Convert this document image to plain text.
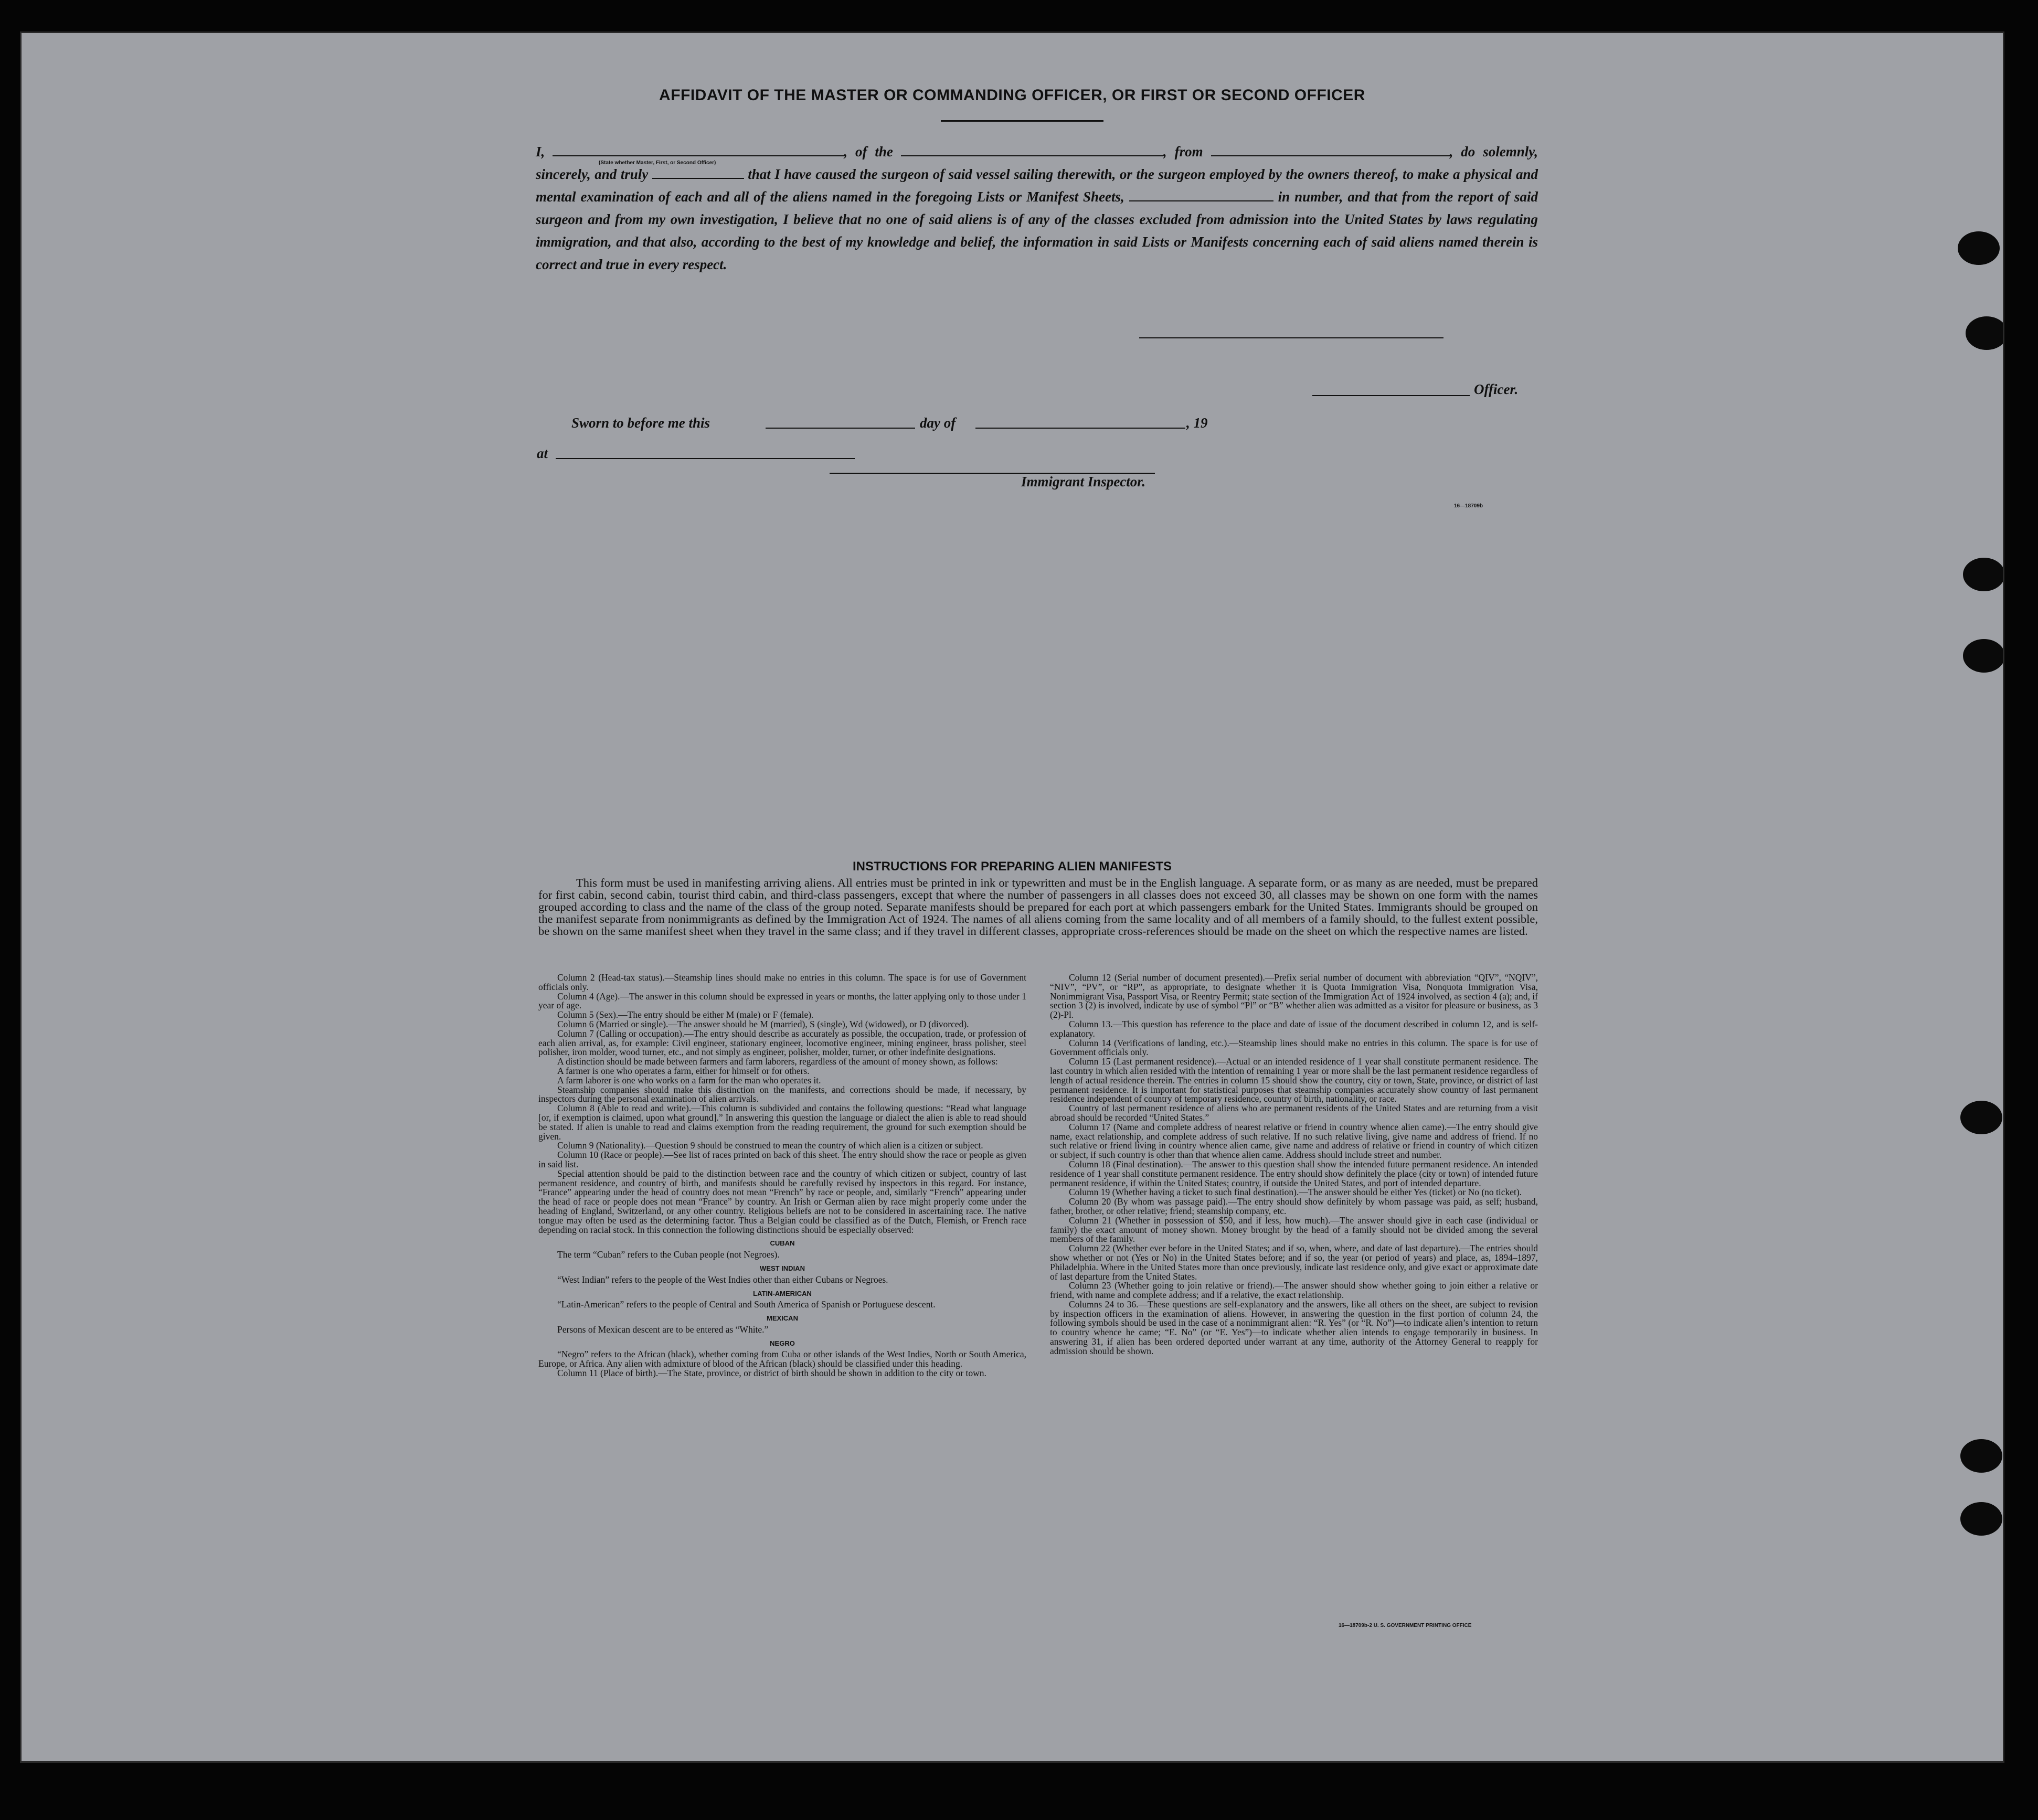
AFFIDAVIT OF THE MASTER OR COMMANDING OFFICER, OR FIRST OR SECOND OFFICER
I,	, of the	, from	, do solemnly, sincerely, and truly	that I have caused the surgeon of said vessel sailing therewith, or the surgeon employed by the owners thereof, to make a physical and mental examination of each and all of the aliens named in the foregoing Lists or Manifest Sheets,	in number, and that from the report of said surgeon and from my own investigation, I believe that no one of said aliens is of any of the classes excluded from admission into the United States by laws regulating immigration, and that also, according to the best of my knowledge and belief, the information in said Lists or Manifests concerning each of said aliens named therein is correct and true in every respect.
(State whether Master, First, or Second Officer)
Officer.
Sworn to before me this	day of	, 19
at
Immigrant Inspector.
16—18709b
INSTRUCTIONS FOR PREPARING ALIEN MANIFESTS
This form must be used in manifesting arriving aliens. All entries must be printed in ink or typewritten and must be in the English language. A separate form, or as many as are needed, must be prepared for first cabin, second cabin, tourist third cabin, and third-class passengers, except that where the number of passengers in all classes does not exceed 30, all classes may be shown on one form with the names grouped according to class and the name of the class of the group noted. Separate manifests should be prepared for each port at which passengers embark for the United States. Immigrants should be grouped on the manifest separate from nonimmigrants as defined by the Immigration Act of 1924. The names of all aliens coming from the same locality and of all members of a family should, to the fullest extent possible, be shown on the same manifest sheet when they travel in the same class; and if they travel in different classes, appropriate cross-references should be made on the sheet on which the respective names are listed.

Column 2 (Head-tax status).—Steamship lines should make no entries in this column. The space is for use of Government officials only.

Column 4 (Age).—The answer in this column should be expressed in years or months, the latter applying only to those under 1 year of age.

Column 5 (Sex).—The entry should be either M (male) or F (female).

Column 6 (Married or single).—The answer should be M (married), S (single), Wd (widowed), or D (divorced).

Column 7 (Calling or occupation).—The entry should describe as accurately as possible, the occupation, trade, or profession of each alien arrival, as, for example: Civil engineer, stationary engineer, locomotive engineer, mining engineer, brass polisher, steel polisher, iron molder, wood turner, etc., and not simply as engineer, polisher, molder, turner, or other indefinite designations.

A distinction should be made between farmers and farm laborers, regardless of the amount of money shown, as follows:

A farmer is one who operates a farm, either for himself or for others.

A farm laborer is one who works on a farm for the man who operates it.

Steamship companies should make this distinction on the manifests, and corrections should be made, if necessary, by inspectors during the personal examination of alien arrivals.

Column 8 (Able to read and write).—This column is subdivided and contains the following questions: “Read what language [or, if exemption is claimed, upon what ground].” In answering this question the language or dialect the alien is able to read should be stated. If alien is unable to read and claims exemption from the reading requirement, the ground for such exemption should be given.

Column 9 (Nationality).—Question 9 should be construed to mean the country of which alien is a citizen or subject.

Column 10 (Race or people).—See list of races printed on back of this sheet. The entry should show the race or people as given in said list.

Special attention should be paid to the distinction between race and the country of which citizen or subject, country of last permanent residence, and country of birth, and manifests should be carefully revised by inspectors in this regard. For instance, “France” appearing under the head of country does not mean “French” by race or people, and, similarly “French” appearing under the head of race or people does not mean “France” by country. An Irish or German alien by race might properly come under the heading of England, Switzerland, or any other country. Religious beliefs are not to be considered in ascertaining race. The native tongue may often be used as the determining factor. Thus a Belgian could be classified as of the Dutch, Flemish, or French race depending on racial stock. In this connection the following distinctions should be especially observed:

CUBAN

The term “Cuban” refers to the Cuban people (not Negroes).

WEST INDIAN

“West Indian” refers to the people of the West Indies other than either Cubans or Negroes.

LATIN-AMERICAN

“Latin-American” refers to the people of Central and South America of Spanish or Portuguese descent.

MEXICAN

Persons of Mexican descent are to be entered as “White.”

NEGRO

“Negro” refers to the African (black), whether coming from Cuba or other islands of the West Indies, North or South America, Europe, or Africa. Any alien with admixture of blood of the African (black) should be classified under this heading.

Column 11 (Place of birth).—The State, province, or district of birth should be shown in addition to the city or town.

Column 12 (Serial number of document presented).—Prefix serial number of document with abbreviation “QIV”, “NQIV”, “NIV”, “PV”, or “RP”, as appropriate, to designate whether it is Quota Immigration Visa, Nonquota Immigration Visa, Nonimmigrant Visa, Passport Visa, or Reentry Permit; state section of the Immigration Act of 1924 involved, as section 4 (a); and, if section 3 (2) is involved, indicate by use of symbol “Pl” or “B” whether alien was admitted as a visitor for pleasure or business, as 3 (2)-Pl.

Column 13.—This question has reference to the place and date of issue of the document described in column 12, and is self-explanatory.

Column 14 (Verifications of landing, etc.).—Steamship lines should make no entries in this column. The space is for use of Government officials only.

Column 15 (Last permanent residence).—Actual or an intended residence of 1 year shall constitute permanent residence. The last country in which alien resided with the intention of remaining 1 year or more shall be the last permanent residence regardless of length of actual residence therein. The entries in column 15 should show the country, city or town, State, province, or district of last permanent residence. It is important for statistical purposes that steamship companies accurately show country of last permanent residence independent of country of temporary residence, country of birth, nationality, or race.

Country of last permanent residence of aliens who are permanent residents of the United States and are returning from a visit abroad should be recorded “United States.”

Column 17 (Name and complete address of nearest relative or friend in country whence alien came).—The entry should give name, exact relationship, and complete address of such relative. If no such relative living, give name and address of friend. If no such relative or friend living in country whence alien came, give name and address of relative or friend in country of which citizen or subject, if such country is other than that whence alien came. Address should include street and number.

Column 18 (Final destination).—The answer to this question shall show the intended future permanent residence. An intended residence of 1 year shall constitute permanent residence. The entry should show definitely the place (city or town) of intended future permanent residence, if within the United States; country, if outside the United States, and port of intended departure.

Column 19 (Whether having a ticket to such final destination).—The answer should be either Yes (ticket) or No (no ticket).

Column 20 (By whom was passage paid).—The entry should show definitely by whom passage was paid, as self; husband, father, brother, or other relative; friend; steamship company, etc.

Column 21 (Whether in possession of $50, and if less, how much).—The answer should give in each case (individual or family) the exact amount of money shown. Money brought by the head of a family should not be divided among the several members of the family.

Column 22 (Whether ever before in the United States; and if so, when, where, and date of last departure).—The entries should show whether or not (Yes or No) in the United States before; and if so, the year (or period of years) and place, as, 1894–1897, Philadelphia. Where in the United States more than once previously, indicate last residence only, and give exact or approximate date of last departure from the United States.

Column 23 (Whether going to join relative or friend).—The answer should show whether going to join either a relative or friend, with name and complete address; and if a relative, the exact relationship.

Columns 24 to 36.—These questions are self-explanatory and the answers, like all others on the sheet, are subject to revision by inspection officers in the examination of aliens. However, in answering the question in the first portion of column 24, the following symbols should be used in the case of a nonimmigrant alien: “R. Yes” (or “R. No”)—to indicate alien’s intention to return to country whence he came; “E. No” (or “E. Yes”)—to indicate whether alien intends to engage temporarily in business. In answering 31, if alien has been ordered deported under warrant at any time, authority of the Attorney General to reapply for admission should be shown.

16—18709b-2 U. S. GOVERNMENT PRINTING OFFICE
